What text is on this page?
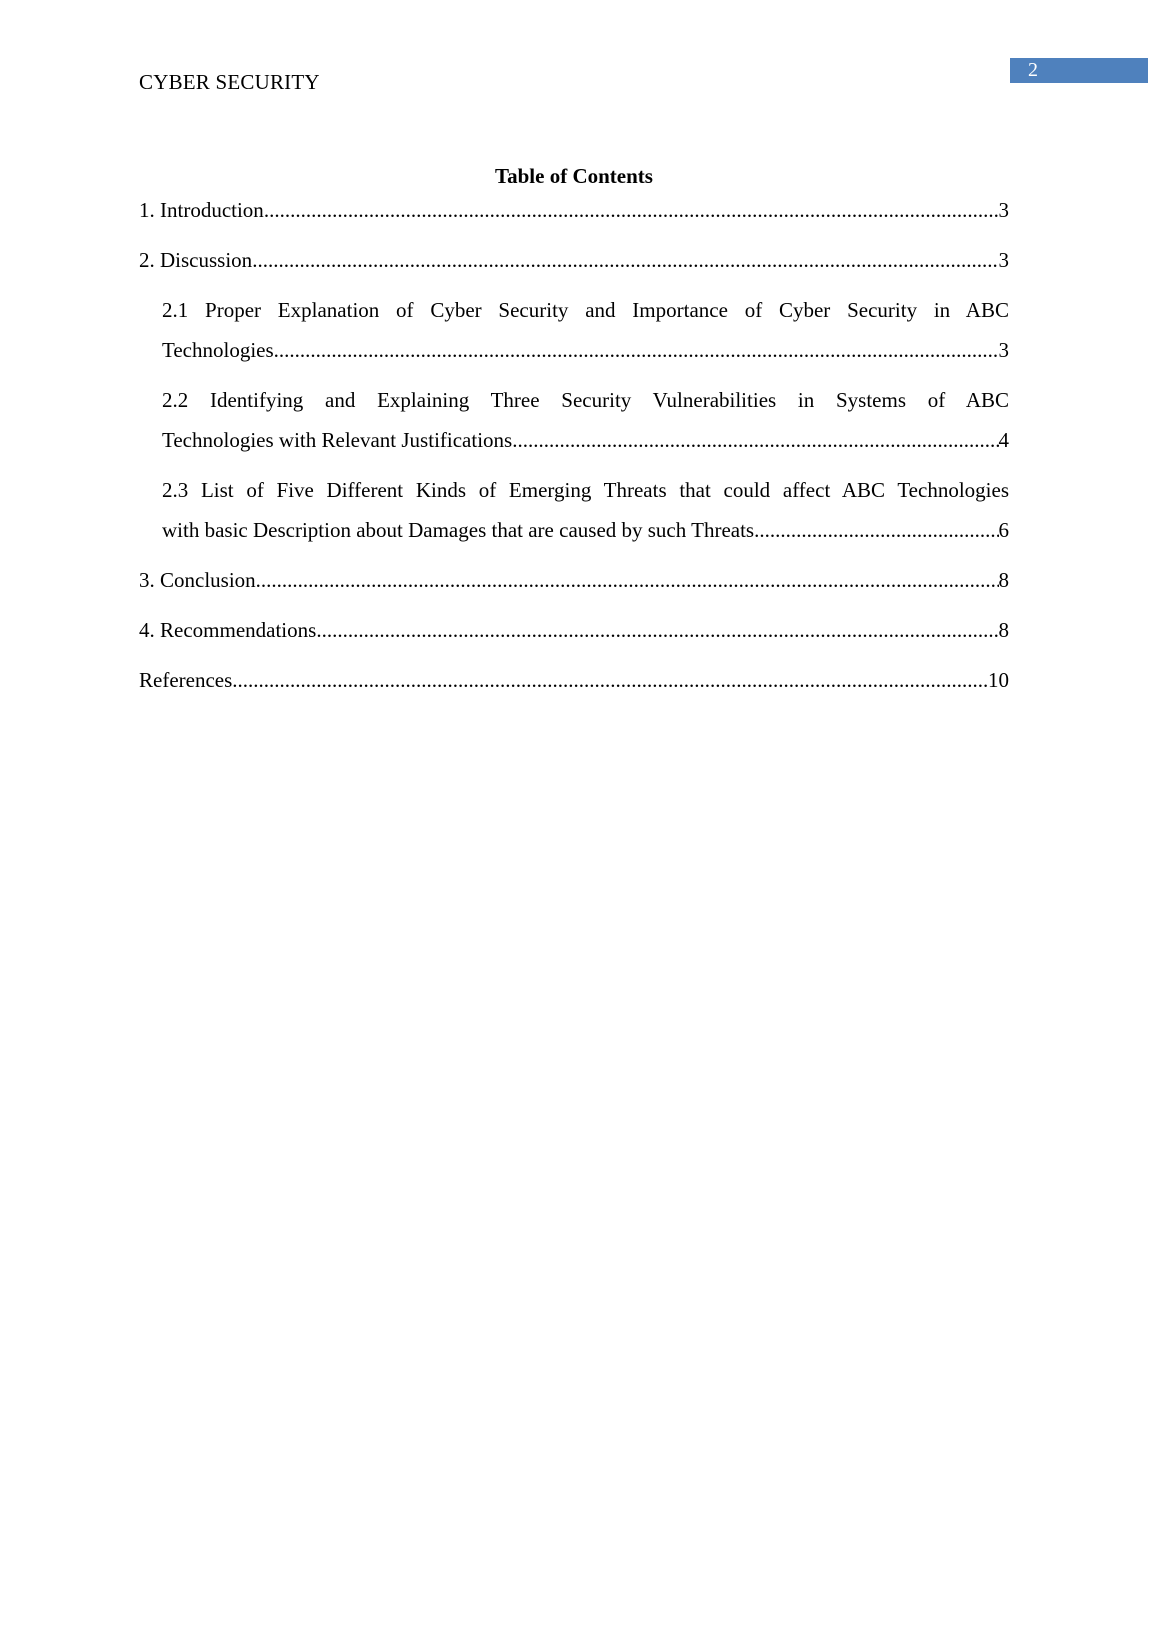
2
CYBER SECURITY
Table of Contents
1. Introduction .....	3
2. Discussion .....	3
2.1 Proper Explanation of Cyber Security and Importance of Cyber Security in ABC
Technologies .....	3
2.2 Identifying and Explaining Three Security Vulnerabilities in Systems of ABC
Technologies with Relevant Justifications .....	4
2.3 List of Five Different Kinds of Emerging Threats that could affect ABC Technologies
with basic Description about Damages that are caused by such Threats .....	6
3. Conclusion .....	8
4. Recommendations .....	8
References .....	10
